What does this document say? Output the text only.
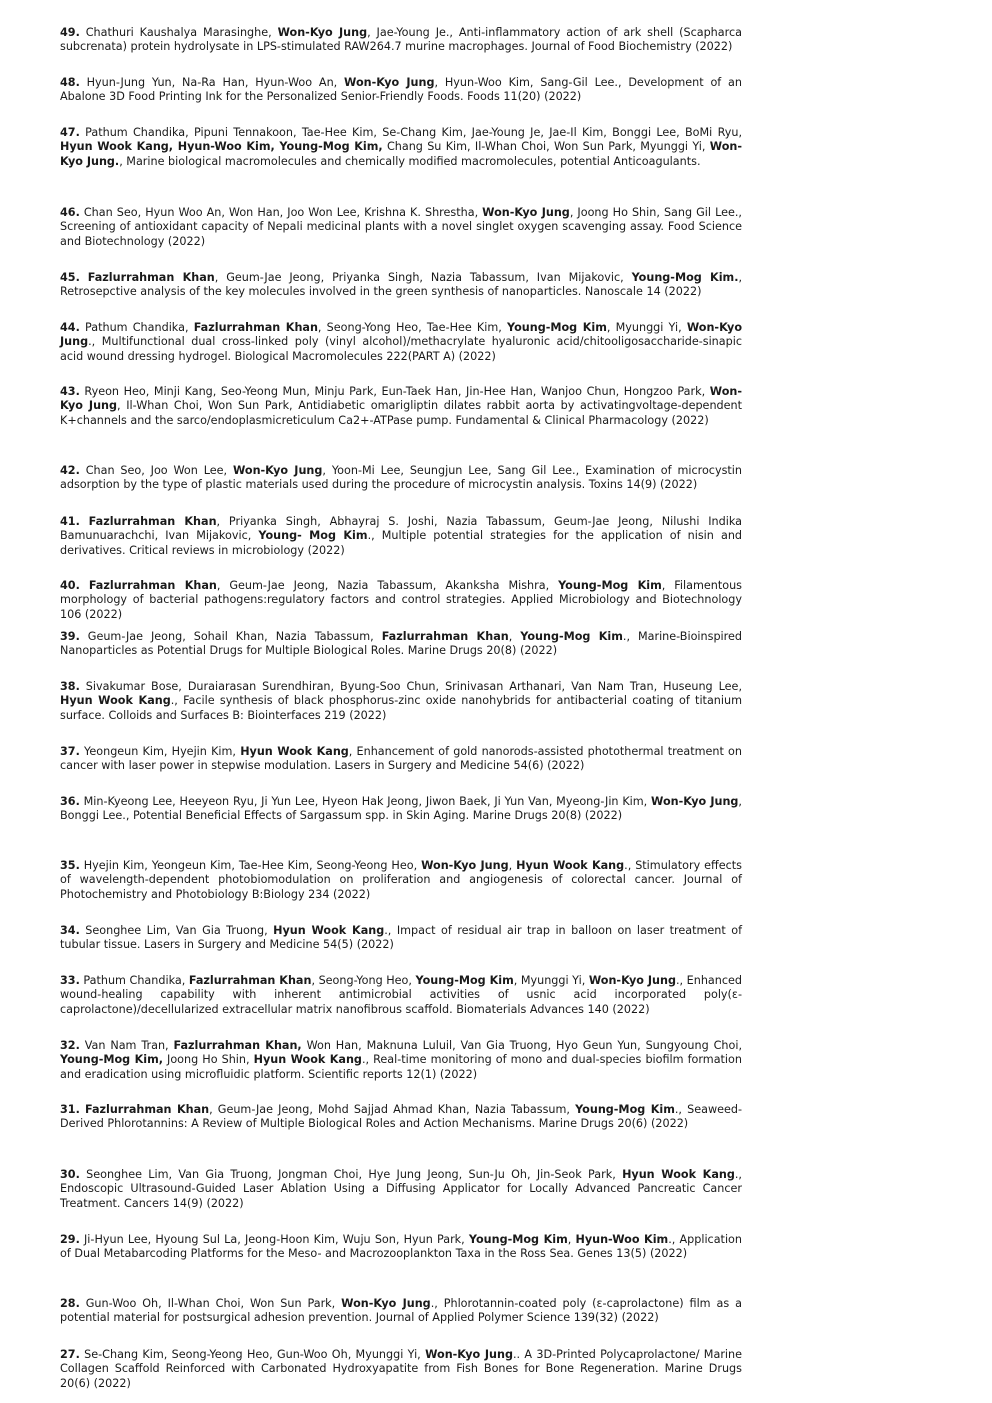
49. Chathuri Kaushalya Marasinghe, Won-Kyo Jung, Jae-Young Je., Anti-inflammatory action of ark shell (Scapharca subcrenata) protein hydrolysate in LPS-stimulated RAW264.7 murine macrophages. Journal of Food Biochemistry (2022)

48. Hyun-Jung Yun, Na-Ra Han, Hyun-Woo An, Won-Kyo Jung, Hyun-Woo Kim, Sang-Gil Lee., Development of an Abalone 3D Food Printing Ink for the Personalized Senior-Friendly Foods. Foods 11(20) (2022)

47. Pathum Chandika, Pipuni Tennakoon, Tae-Hee Kim, Se-Chang Kim, Jae-Young Je, Jae-Il Kim, Bonggi Lee, BoMi Ryu, Hyun Wook Kang, Hyun-Woo Kim, Young-Mog Kim, Chang Su Kim, Il-Whan Choi, Won Sun Park, Myunggi Yi, Won-Kyo Jung., Marine biological macromolecules and chemically modified macromolecules, potential Anticoagulants.

46. Chan Seo, Hyun Woo An, Won Han, Joo Won Lee, Krishna K. Shrestha, Won-Kyo Jung, Joong Ho Shin, Sang Gil Lee., Screening of antioxidant capacity of Nepali medicinal plants with a novel singlet oxygen scavenging assay. Food Science and Biotechnology (2022)

45. Fazlurrahman Khan, Geum-Jae Jeong, Priyanka Singh, Nazia Tabassum, Ivan Mijakovic, Young-Mog Kim., Retrosepctive analysis of the key molecules involved in the green synthesis of nanoparticles. Nanoscale 14 (2022)

44. Pathum Chandika, Fazlurrahman Khan, Seong-Yong Heo, Tae-Hee Kim, Young-Mog Kim, Myunggi Yi, Won-Kyo Jung., Multifunctional dual cross-linked poly (vinyl alcohol)/methacrylate hyaluronic acid/chitooligosaccharide-sinapic acid wound dressing hydrogel. Biological Macromolecules 222(PART A) (2022)

43. Ryeon Heo, Minji Kang, Seo-Yeong Mun, Minju Park, Eun-Taek Han, Jin-Hee Han, Wanjoo Chun, Hongzoo Park, Won-Kyo Jung, Il-Whan Choi, Won Sun Park, Antidiabetic omarigliptin dilates rabbit aorta by activatingvoltage-dependent K+channels and the sarco/endoplasmicreticulum Ca2+-ATPase pump. Fundamental & Clinical Pharmacology (2022)

42. Chan Seo, Joo Won Lee, Won-Kyo Jung, Yoon-Mi Lee, Seungjun Lee, Sang Gil Lee., Examination of microcystin adsorption by the type of plastic materials used during the procedure of microcystin analysis. Toxins 14(9) (2022)

41. Fazlurrahman Khan, Priyanka Singh, Abhayraj S. Joshi, Nazia Tabassum, Geum-Jae Jeong, Nilushi Indika Bamunuarachchi, Ivan Mijakovic, Young- Mog Kim., Multiple potential strategies for the application of nisin and derivatives. Critical reviews in microbiology (2022)

40. Fazlurrahman Khan, Geum-Jae Jeong, Nazia Tabassum, Akanksha Mishra, Young-Mog Kim, Filamentous morphology of bacterial pathogens:regulatory factors and control strategies. Applied Microbiology and Biotechnology 106 (2022)

39. Geum-Jae Jeong, Sohail Khan, Nazia Tabassum, Fazlurrahman Khan, Young-Mog Kim., Marine-Bioinspired Nanoparticles as Potential Drugs for Multiple Biological Roles. Marine Drugs 20(8) (2022)

38. Sivakumar Bose, Duraiarasan Surendhiran, Byung-Soo Chun, Srinivasan Arthanari, Van Nam Tran, Huseung Lee, Hyun Wook Kang., Facile synthesis of black phosphorus-zinc oxide nanohybrids for antibacterial coating of titanium surface. Colloids and Surfaces B: Biointerfaces 219 (2022)

37. Yeongeun Kim, Hyejin Kim, Hyun Wook Kang, Enhancement of gold nanorods-assisted photothermal treatment on cancer with laser power in stepwise modulation. Lasers in Surgery and Medicine 54(6) (2022)

36. Min-Kyeong Lee, Heeyeon Ryu, Ji Yun Lee, Hyeon Hak Jeong, Jiwon Baek, Ji Yun Van, Myeong-Jin Kim, Won-Kyo Jung, Bonggi Lee., Potential Beneficial Effects of Sargassum spp. in Skin Aging. Marine Drugs 20(8) (2022)

35. Hyejin Kim, Yeongeun Kim, Tae-Hee Kim, Seong-Yeong Heo, Won-Kyo Jung, Hyun Wook Kang., Stimulatory effects of wavelength-dependent photobiomodulation on proliferation and angiogenesis of colorectal cancer. Journal of Photochemistry and Photobiology B:Biology 234 (2022)

34. Seonghee Lim, Van Gia Truong, Hyun Wook Kang., Impact of residual air trap in balloon on laser treatment of tubular tissue. Lasers in Surgery and Medicine 54(5) (2022)

33. Pathum Chandika, Fazlurrahman Khan, Seong-Yong Heo, Young-Mog Kim, Myunggi Yi, Won-Kyo Jung., Enhanced wound-healing capability with inherent antimicrobial activities of usnic acid incorporated poly(ε-caprolactone)/decellularized extracellular matrix nanofibrous scaffold. Biomaterials Advances 140 (2022)

32. Van Nam Tran, Fazlurrahman Khan, Won Han, Maknuna Luluil, Van Gia Truong, Hyo Geun Yun, Sungyoung Choi, Young-Mog Kim, Joong Ho Shin, Hyun Wook Kang., Real-time monitoring of mono and dual-species biofilm formation and eradication using microfluidic platform. Scientific reports 12(1) (2022)

31. Fazlurrahman Khan, Geum-Jae Jeong, Mohd Sajjad Ahmad Khan, Nazia Tabassum, Young-Mog Kim., Seaweed-Derived Phlorotannins: A Review of Multiple Biological Roles and Action Mechanisms. Marine Drugs 20(6) (2022)

30. Seonghee Lim, Van Gia Truong, Jongman Choi, Hye Jung Jeong, Sun-Ju Oh, Jin-Seok Park, Hyun Wook Kang., Endoscopic Ultrasound-Guided Laser Ablation Using a Diffusing Applicator for Locally Advanced Pancreatic Cancer Treatment. Cancers 14(9) (2022)

29. Ji-Hyun Lee, Hyoung Sul La, Jeong-Hoon Kim, Wuju Son, Hyun Park, Young-Mog Kim, Hyun-Woo Kim., Application of Dual Metabarcoding Platforms for the Meso- and Macrozooplankton Taxa in the Ross Sea. Genes 13(5) (2022)

28. Gun-Woo Oh, Il-Whan Choi, Won Sun Park, Won-Kyo Jung., Phlorotannin-coated poly (ε-caprolactone) film as a potential material for postsurgical adhesion prevention. Journal of Applied Polymer Science 139(32) (2022)

27. Se-Chang Kim, Seong-Yeong Heo, Gun-Woo Oh, Myunggi Yi, Won-Kyo Jung.. A 3D-Printed Polycaprolactone/ Marine Collagen Scaffold Reinforced with Carbonated Hydroxyapatite from Fish Bones for Bone Regeneration. Marine Drugs 20(6) (2022)
